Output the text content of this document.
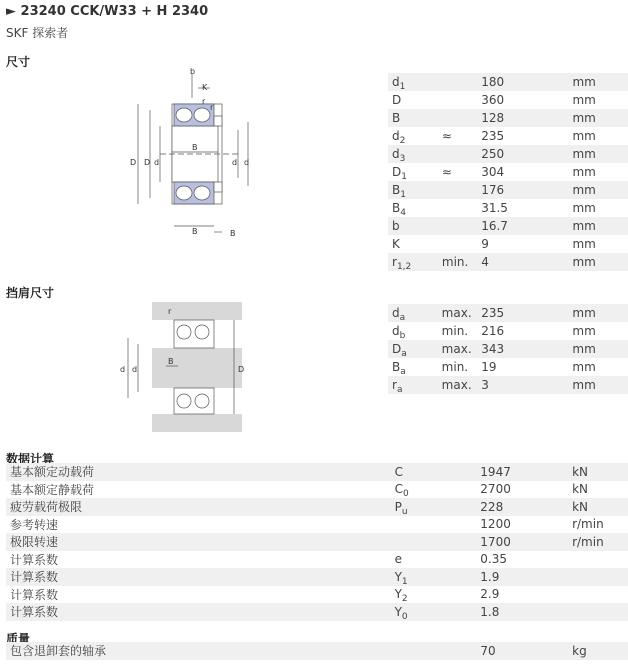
► 23240 CCK/W33 + H 2340
SKF 探索者
尺寸
b
K
r
r
D D d
B
d d
B	B
$d_1$		180	mm
D		360	mm
B		128	mm
$d_2$	≈	235	mm
$d_3$		250	mm
$D_1$	≈	304	mm
$B_1$		176	mm
$B_4$		31.5	mm
b		16.7	mm
K		9	mm
$r_{1,2}$	min.	4	mm
挡肩尺寸
r
d d
B
D
$d_a$	max.	235	mm
$d_b$	min.	216	mm
$D_a$	max.	343	mm
$B_a$	min.	19	mm
$r_a$	max.	3	mm
数据计算
基本额定动载荷	C	1947	kN
基本额定静载荷	$C_0$	2700	kN
疲劳载荷极限	$P_u$	228	kN
参考转速		1200	r/min
极限转速		1700	r/min
计算系数	e	0.35	
计算系数	$Y_1$	1.9	
计算系数	$Y_2$	2.9	
计算系数	$Y_0$	1.8	
质量
包含退卸套的轴承		70	kg
